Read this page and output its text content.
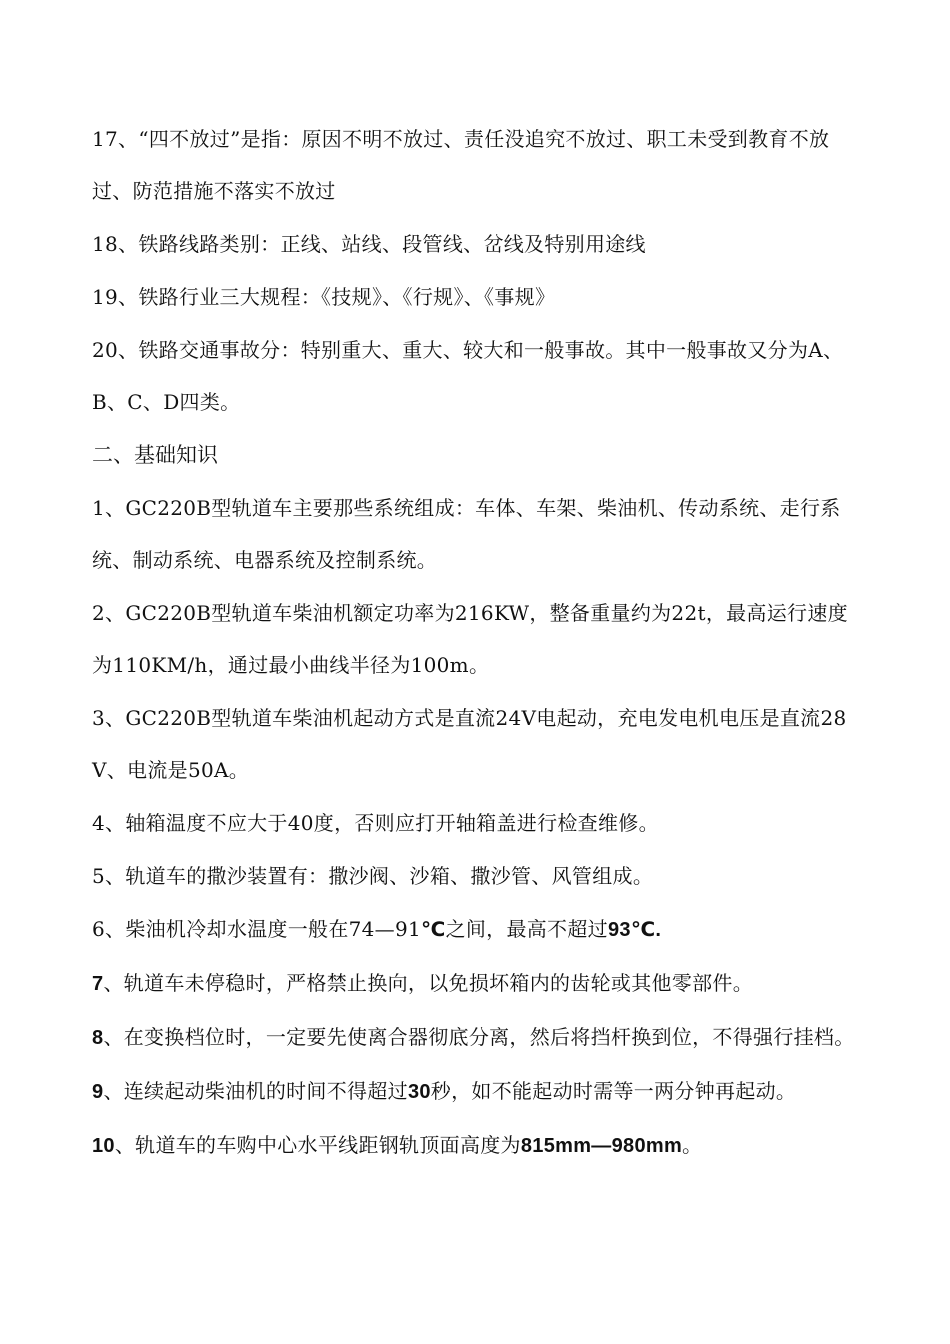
17、“四不放过”是指：原因不明不放过、责任没追究不放过、职工未受到教育不放过、防范措施不落实不放过

18、铁路线路类别：正线、站线、段管线、岔线及特别用途线

19、铁路行业三大规程：《技规》、《行规》、《事规》

20、铁路交通事故分：特别重大、重大、较大和一般事故。其中一般事故又分为A、B、C、D四类。

二、基础知识

1、GC220B型轨道车主要那些系统组成：车体、车架、柴油机、传动系统、走行系统、制动系统、电器系统及控制系统。

2、GC220B型轨道车柴油机额定功率为216KW，整备重量约为22t，最高运行速度为110KM/h，通过最小曲线半径为100m。

3、GC220B型轨道车柴油机起动方式是直流24V电起动，充电发电机电压是直流28V、电流是50A。

4、轴箱温度不应大于40度，否则应打开轴箱盖进行检查维修。

5、轨道车的撒沙装置有：撒沙阀、沙箱、撒沙管、风管组成。

6、柴油机冷却水温度一般在74—91℃之间，最高不超过93℃.

7、轨道车未停稳时，严格禁止换向，以免损坏箱内的齿轮或其他零部件。

8、在变换档位时，一定要先使离合器彻底分离，然后将挡杆换到位，不得强行挂档。

9、连续起动柴油机的时间不得超过30秒，如不能起动时需等一两分钟再起动。

10、轨道车的车购中心水平线距钢轨顶面高度为815mm—980mm。
